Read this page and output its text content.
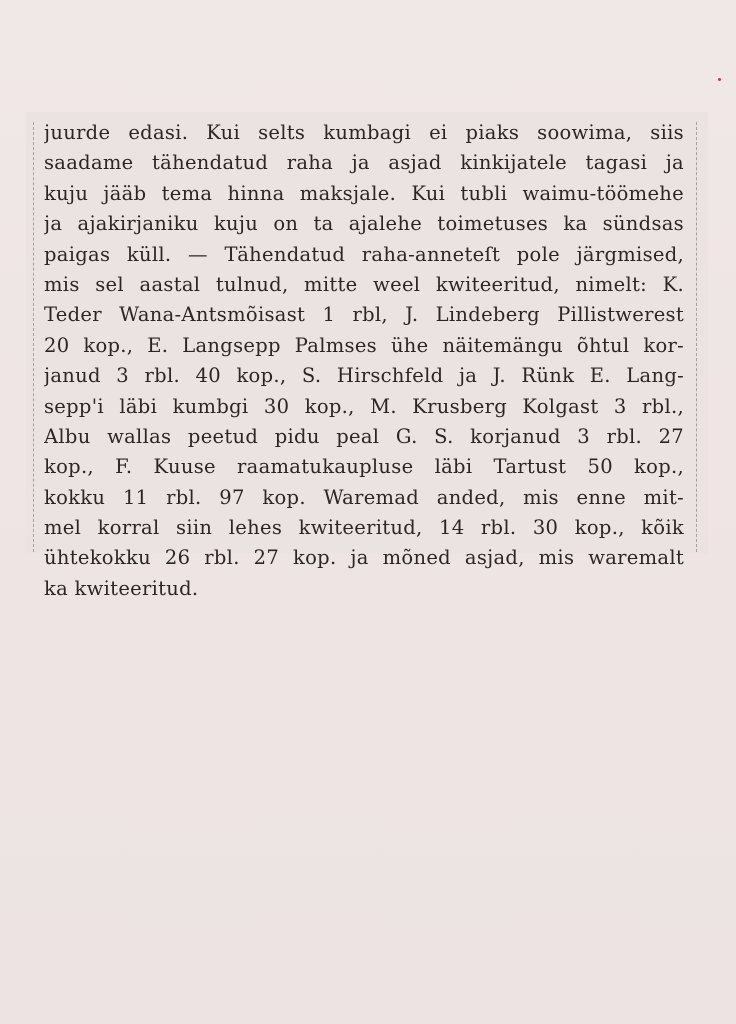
juurde edasi. Kui selts kumbagi ei piaks soowima, siis
saadame tähendatud raha ja asjad kinkijatele tagasi ja
kuju jääb tema hinna maksjale. Kui tubli waimu-töömehe
ja ajakirjaniku kuju on ta ajalehe toimetuses ka sündsas
paigas küll. — Tähendatud raha-anneteſt pole järgmised,
mis sel aastal tulnud, mitte weel kwiteeritud, nimelt: K.
Teder Wana-Antsmõisast 1 rbl, J. Lindeberg Pillistwerest
20 kop., E. Langsepp Palmses ühe näitemängu õhtul kor-
janud 3 rbl. 40 kop., S. Hirschfeld ja J. Rünk E. Lang-
sepp'i läbi kumbgi 30 kop., M. Krusberg Kolgast 3 rbl.,
Albu wallas peetud pidu peal G. S. korjanud 3 rbl. 27
kop., F. Kuuse raamatukaupluse läbi Tartust 50 kop.,
kokku 11 rbl. 97 kop. Waremad anded, mis enne mit-
mel korral siin lehes kwiteeritud, 14 rbl. 30 kop., kõik
ühtekokku 26 rbl. 27 kop. ja mõned asjad, mis waremalt
ka kwiteeritud.
